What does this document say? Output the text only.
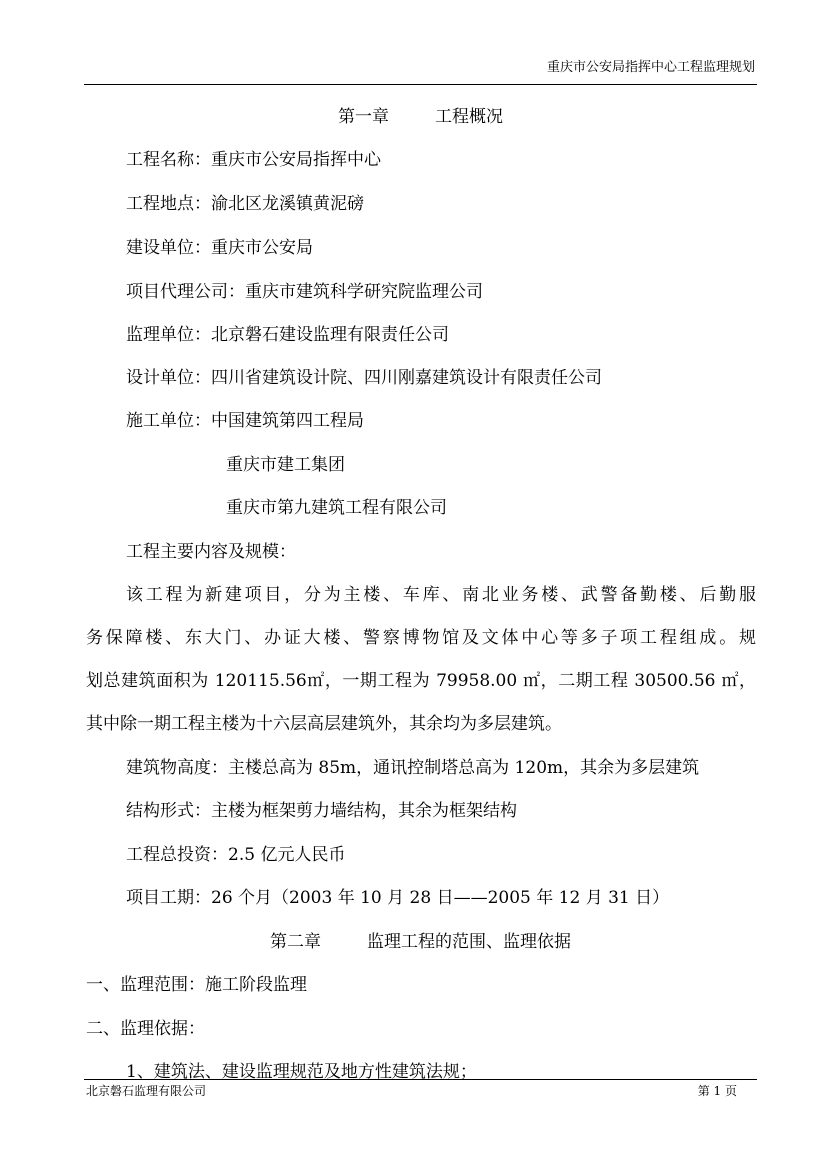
重庆市公安局指挥中心工程监理规划
第一章	工程概况
工程名称：重庆市公安局指挥中心
工程地点：渝北区龙溪镇黄泥磅
建设单位：重庆市公安局
项目代理公司：重庆市建筑科学研究院监理公司
监理单位：北京磐石建设监理有限责任公司
设计单位：四川省建筑设计院、四川刚嘉建筑设计有限责任公司
施工单位：中国建筑第四工程局
重庆市建工集团
重庆市第九建筑工程有限公司
工程主要内容及规模：
该工程为新建项目，分为主楼、车库、南北业务楼、武警备勤楼、后勤服
务保障楼、东大门、办证大楼、警察博物馆及文体中心等多子项工程组成。规
划总建筑面积为 120115.56㎡，一期工程为 79958.00 ㎡，二期工程 30500.56 ㎡，
其中除一期工程主楼为十六层高层建筑外，其余均为多层建筑。
建筑物高度：主楼总高为 85m，通讯控制塔总高为 120m，其余为多层建筑
结构形式：主楼为框架剪力墙结构，其余为框架结构
工程总投资：2.5 亿元人民币
项目工期：26 个月（2003 年 10 月 28 日——2005 年 12 月 31 日）
第二章	监理工程的范围、监理依据
一、监理范围：施工阶段监理
二、监理依据：
1、建筑法、建设监理规范及地方性建筑法规；
北京磐石监理有限公司	第 1 页
